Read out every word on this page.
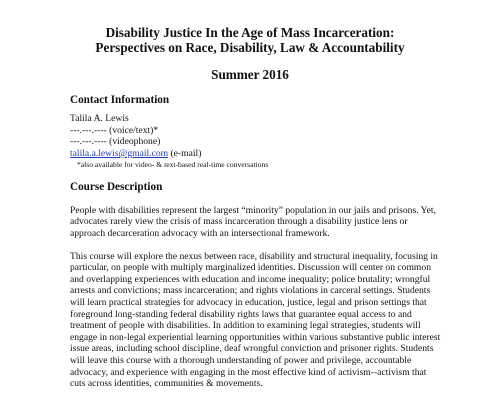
Disability Justice In the Age of Mass Incarceration:
Perspectives on Race, Disability, Law & Accountability
Summer 2016
Contact Information
Talila A. Lewis
---.---.---- (voice/text)*
---.---.---- (videophone)
talila.a.lewis@gmail.com (e-mail)
*also available for video- & text-based real-time conversations
Course Description
People with disabilities represent the largest “minority” population in our jails and prisons. Yet,
advocates rarely view the crisis of mass incarceration through a disability justice lens or
approach decarceration advocacy with an intersectional framework.
This course will explore the nexus between race, disability and structural inequality, focusing in
particular, on people with multiply marginalized identities. Discussion will center on common
and overlapping experiences with education and income inequality; police brutality; wrongful
arrests and convictions; mass incarceration; and rights violations in carceral settings. Students
will learn practical strategies for advocacy in education, justice, legal and prison settings that
foreground long-standing federal disability rights laws that guarantee equal access to and
treatment of people with disabilities. In addition to examining legal strategies, students will
engage in non-legal experiential learning opportunities within various substantive public interest
issue areas, including school discipline, deaf wrongful conviction and prisoner rights. Students
will leave this course with a thorough understanding of power and privilege, accountable
advocacy, and experience with engaging in the most effective kind of activism--activism that
cuts across identities, communities & movements.
